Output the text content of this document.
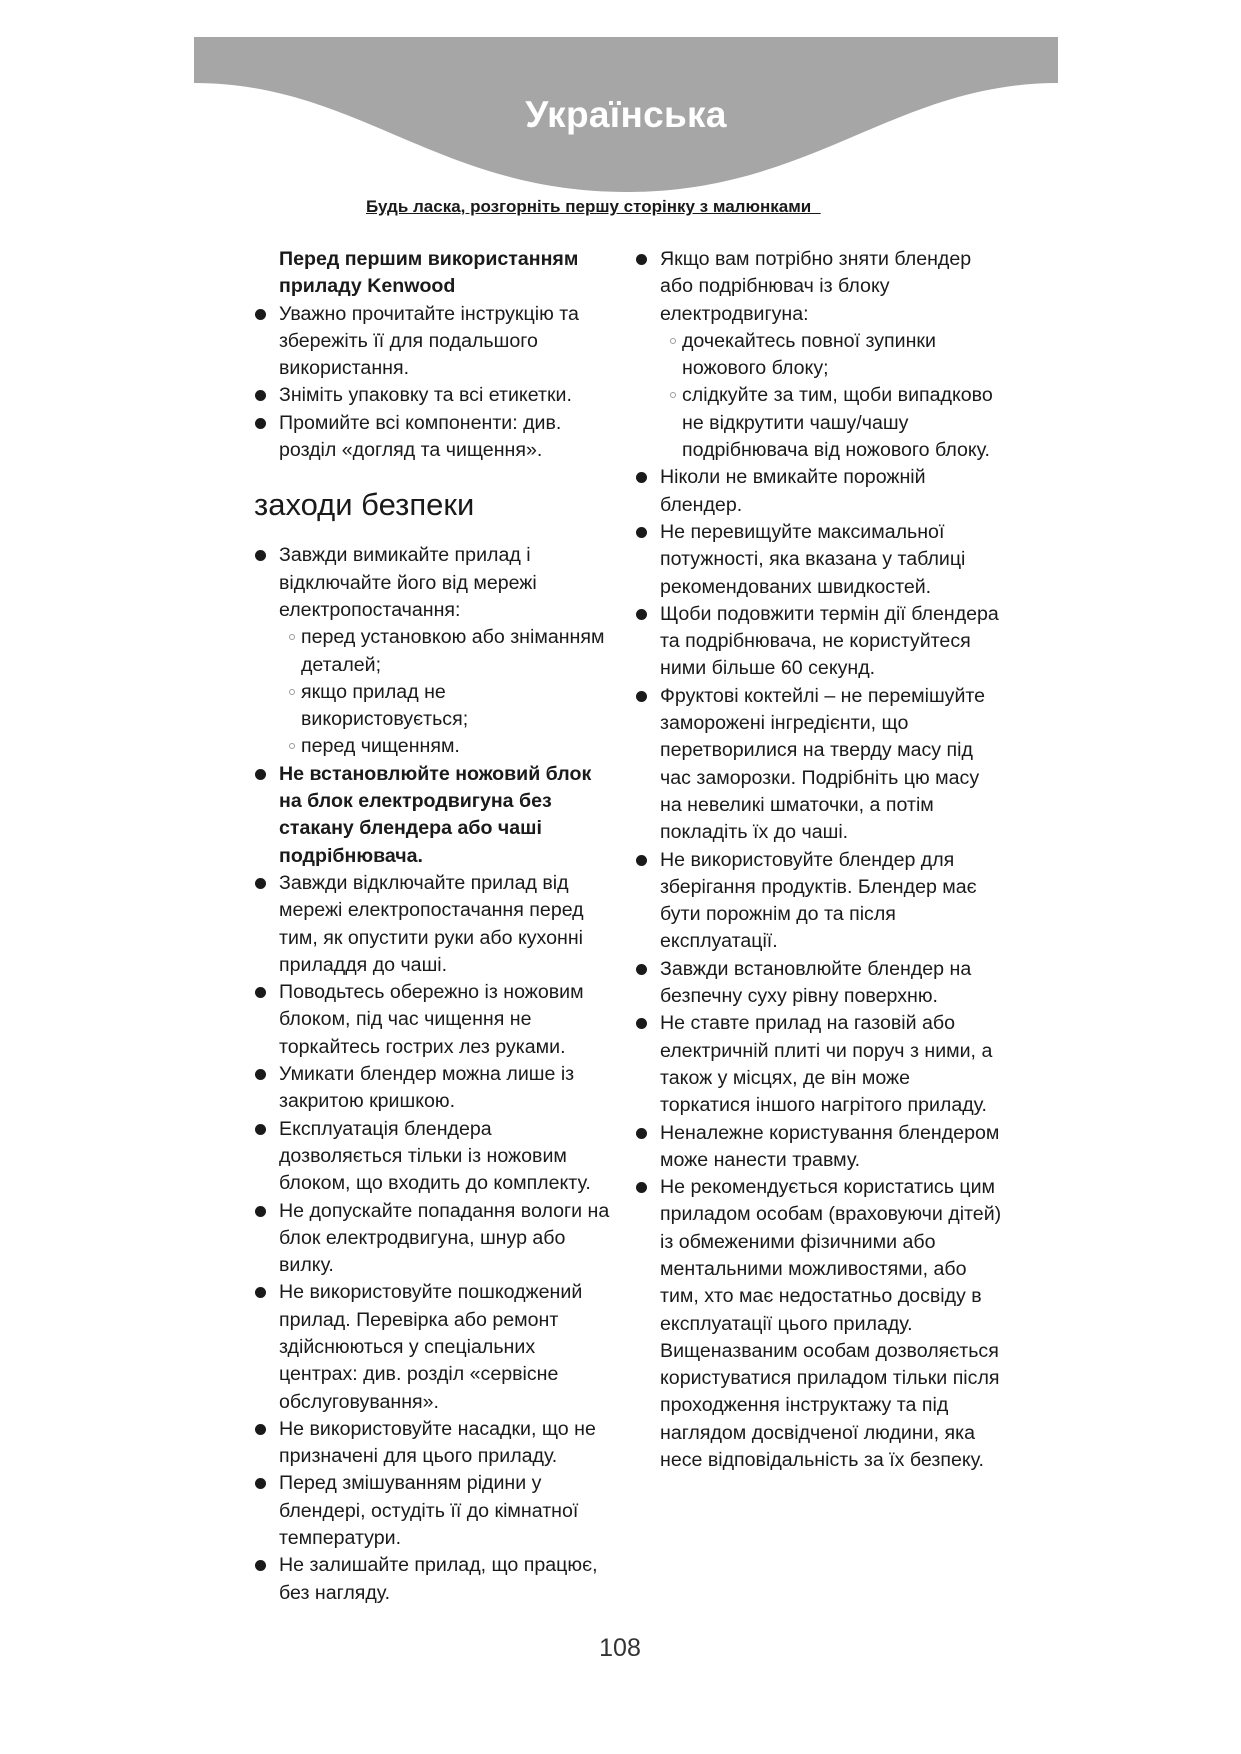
Українська
Будь ласка, розгорніть першу сторінку з малюнками
Перед першим використанням приладу Kenwood
Уважно прочитайте інструкцію та збережіть її для подальшого використання.
Зніміть упаковку та всі етикетки.
Промийте всі компоненти: див. розділ «догляд та чищення».
заходи безпеки
Завжди вимикайте прилад і відключайте його від мережі електропостачання:
перед установкою або зніманням деталей;
якщо прилад не використовується;
перед чищенням.
Не встановлюйте ножовий блок на блок електродвигуна без стакану блендера або чаші подрібнювача.
Завжди відключайте прилад від мережі електропостачання перед тим, як опустити руки або кухонні приладдя до чаші.
Поводьтесь обережно із ножовим блоком, під час чищення не торкайтесь гострих лез руками.
Умикати блендер можна лише із закритою кришкою.
Експлуатація блендера дозволяється тільки із ножовим блоком, що входить до комплекту.
Не допускайте попадання вологи на блок електродвигуна, шнур або вилку.
Не використовуйте пошкоджений прилад. Перевірка або ремонт здійснюються у спеціальних центрах: див. розділ «сервісне обслуговування».
Не використовуйте насадки, що не призначені для цього приладу.
Перед змішуванням рідини у блендері, остудіть її до кімнатної температури.
Не залишайте прилад, що працює, без нагляду.
Якщо вам потрібно зняти блендер або подрібнювач із блоку електродвигуна:
дочекайтесь повної зупинки ножового блоку;
слідкуйте за тим, щоби випадково не відкрутити чашу/чашу подрібнювача від ножового блоку.
Ніколи не вмикайте порожній блендер.
Не перевищуйте максимальної потужності, яка вказана у таблиці рекомендованих швидкостей.
Щоби подовжити термін дії блендера та подрібнювача, не користуйтеся ними більше 60 секунд.
Фруктові коктейлі – не перемішуйте заморожені інгредієнти, що перетворилися на тверду масу під час заморозки. Подрібніть цю масу на невеликі шматочки, а потім покладіть їх до чаші.
Не використовуйте блендер для зберігання продуктів. Блендер має бути порожнім до та після експлуатації.
Завжди встановлюйте блендер на безпечну суху рівну поверхню.
Не ставте прилад на газовій або електричній плиті чи поруч з ними, а також у місцях, де він може торкатися іншого нагрітого приладу.
Неналежне користування блендером може нанести травму.
Не рекомендується користатись цим приладом особам (враховуючи дітей) із обмеженими фізичними або ментальними можливостями, або тим, хто має недостатньо досвіду в експлуатації цього приладу. Вищеназваним особам дозволяється користуватися приладом тільки після проходження інструктажу та під наглядом досвідченої людини, яка несе відповідальність за їх безпеку.
108
